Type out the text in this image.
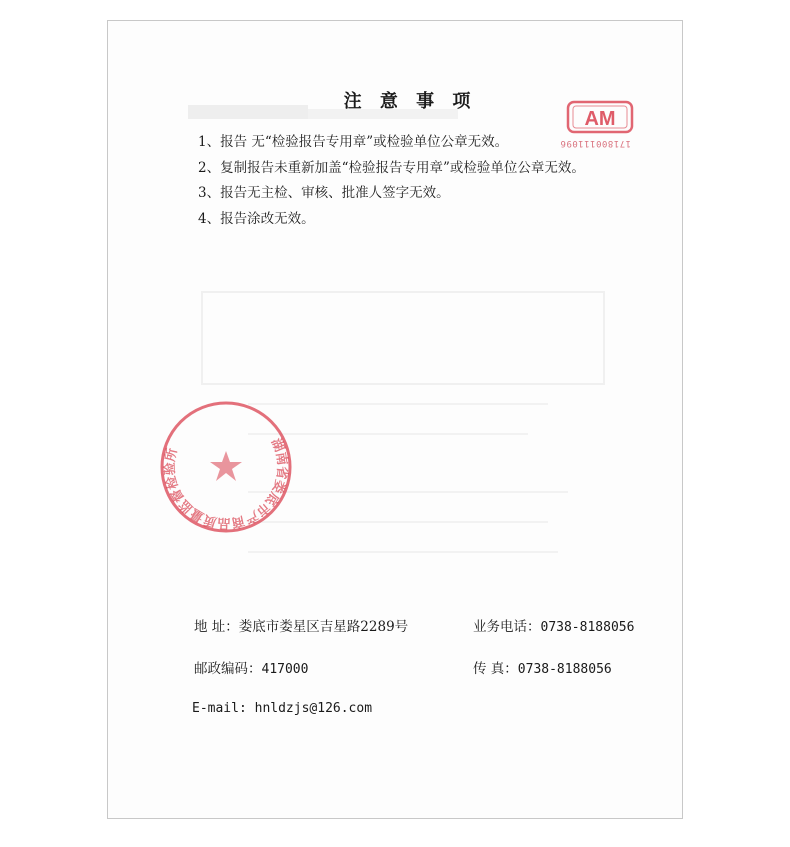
注 意 事 项
1、报告 无“检验报告专用章”或检验单位公章无效。
2、复制报告未重新加盖“检验报告专用章”或检验单位公章无效。
3、报告无主检、审核、批准人签字无效。
4、报告涂改无效。
地 址：娄底市娄星区吉星路2289号	业务电话：0738-8188056
邮政编码：417000	传 真：0738-8188056
E-mail: hnldzjs@126.com
AM
171800111096
湖南省娄底市产商品质量监督检验所
